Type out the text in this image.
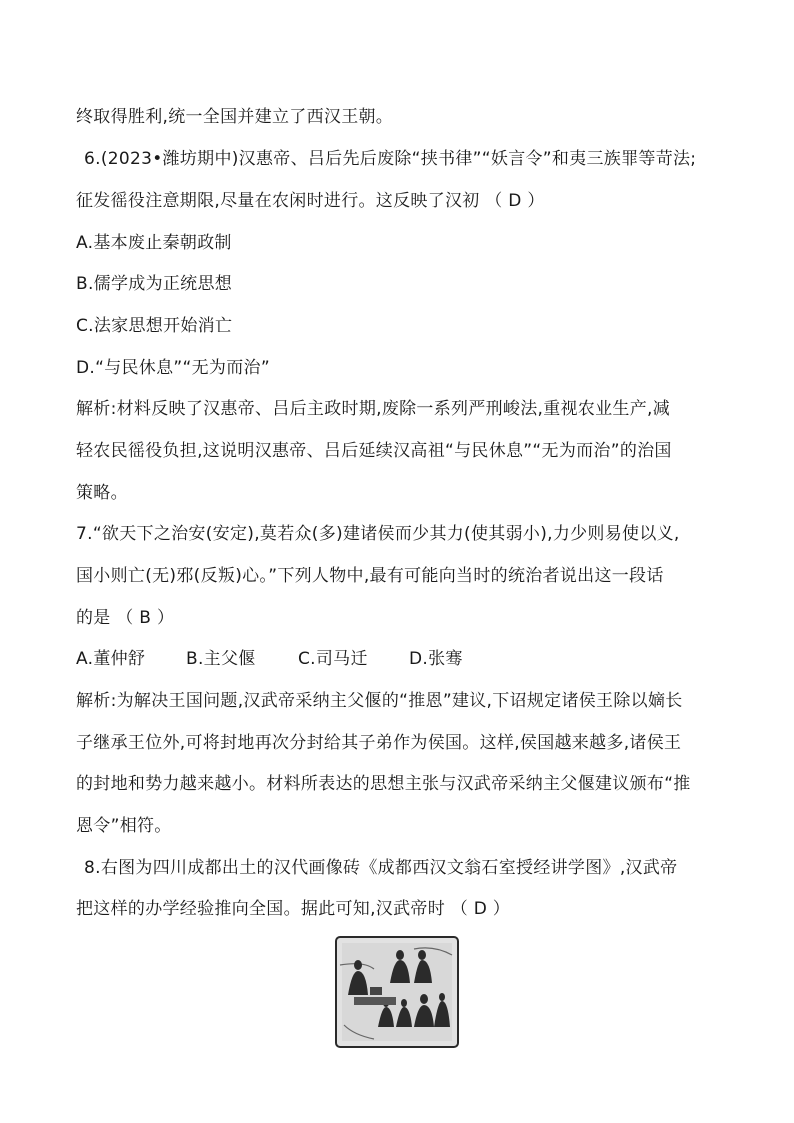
终取得胜利,统一全国并建立了西汉王朝。
6.(2023•潍坊期中)汉惠帝、吕后先后废除“挟书律”“妖言令”和夷三族罪等苛法;
征发徭役注意期限,尽量在农闲时进行。这反映了汉初 （ D ）
A.基本废止秦朝政制
B.儒学成为正统思想
C.法家思想开始消亡
D.“与民休息”“无为而治”
解析:材料反映了汉惠帝、吕后主政时期,废除一系列严刑峻法,重视农业生产,减
轻农民徭役负担,这说明汉惠帝、吕后延续汉高祖“与民休息”“无为而治”的治国
策略。
7.“欲天下之治安(安定),莫若众(多)建诸侯而少其力(使其弱小),力少则易使以义,
国小则亡(无)邪(反叛)心。”下列人物中,最有可能向当时的统治者说出这一段话
的是 （ B ）
A.董仲舒 B.主父偃 C.司马迁 D.张骞
解析:为解决王国问题,汉武帝采纳主父偃的“推恩”建议,下诏规定诸侯王除以嫡长
子继承王位外,可将封地再次分封给其子弟作为侯国。这样,侯国越来越多,诸侯王
的封地和势力越来越小。材料所表达的思想主张与汉武帝采纳主父偃建议颁布“推
恩令”相符。
8.右图为四川成都出土的汉代画像砖《成都西汉文翁石室授经讲学图》,汉武帝
把这样的办学经验推向全国。据此可知,汉武帝时 （ D ）
